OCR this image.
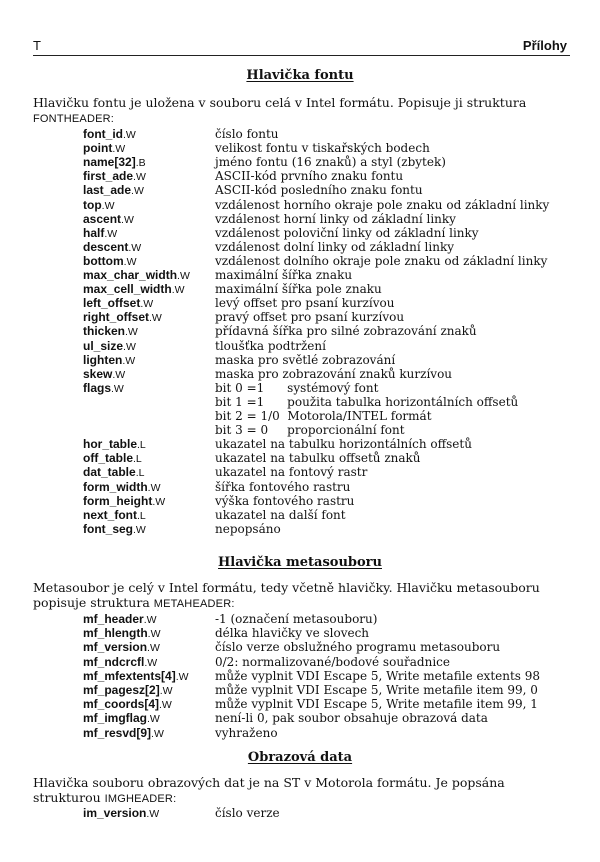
T	Přílohy
Hlavička fontu
Hlavičku fontu je uložena v souboru celá v Intel formátu. Popisuje ji struktura
FONTHEADER:
font_id.W	číslo fontu
point.W	velikost fontu v tiskařských bodech
name[32].B	jméno fontu (16 znaků) a styl (zbytek)
first_ade.W	ASCII-kód prvního znaku fontu
last_ade.W	ASCII-kód posledního znaku fontu
top.W	vzdálenost horního okraje pole znaku od základní linky
ascent.W	vzdálenost horní linky od základní linky
half.W	vzdálenost poloviční linky od základní linky
descent.W	vzdálenost dolní linky od základní linky
bottom.W	vzdálenost dolního okraje pole znaku od základní linky
max_char_width.W maximální šířka znaku
max_cell_width.W	maximální šířka pole znaku
left_offset.W	levý offset pro psaní kurzívou
right_offset.W	pravý offset pro psaní kurzívou
thicken.W	přídavná šířka pro silné zobrazování znaků
ul_size.W	tloušťka podtržení
lighten.W	maska pro světlé zobrazování
skew.W	maska pro zobrazování znaků kurzívou
flags.W	bit 0 =1      systémový font
bit 1 =1      použita tabulka horizontálních offsetů
bit 2 = 1/0  Motorola/INTEL formát
bit 3 = 0     proporcionální font
hor_table.L	ukazatel na tabulku horizontálních offsetů
off_table.L	ukazatel na tabulku offsetů znaků
dat_table.L	ukazatel na fontový rastr
form_width.W	šířka fontového rastru
form_height.W	výška fontového rastru
next_font.L	ukazatel na další font
font_seg.W	nepopsáno
Hlavička metasouboru
Metasoubor je celý v Intel formátu, tedy včetně hlavičky. Hlavičku metasouboru
popisuje struktura METAHEADER:
mf_header.W	-1 (označení metasouboru)
mf_hlength.W	délka hlavičky ve slovech
mf_version.W	číslo verze obslužného programu metasouboru
mf_ndcrcfl.W	0/2: normalizované/bodové souřadnice
mf_mfextents[4].W může vyplnit VDI Escape 5, Write metafile extents 98
mf_pagesz[2].W	může vyplnit VDI Escape 5, Write metafile item 99, 0
mf_coords[4].W	může vyplnit VDI Escape 5, Write metafile item 99, 1
mf_imgflag.W	není-li 0, pak soubor obsahuje obrazová data
mf_resvd[9].W	vyhraženo
Obrazová data
Hlavička souboru obrazových dat je na ST v Motorola formátu. Je popsána
strukturou IMGHEADER:
im_version.W	číslo verze
